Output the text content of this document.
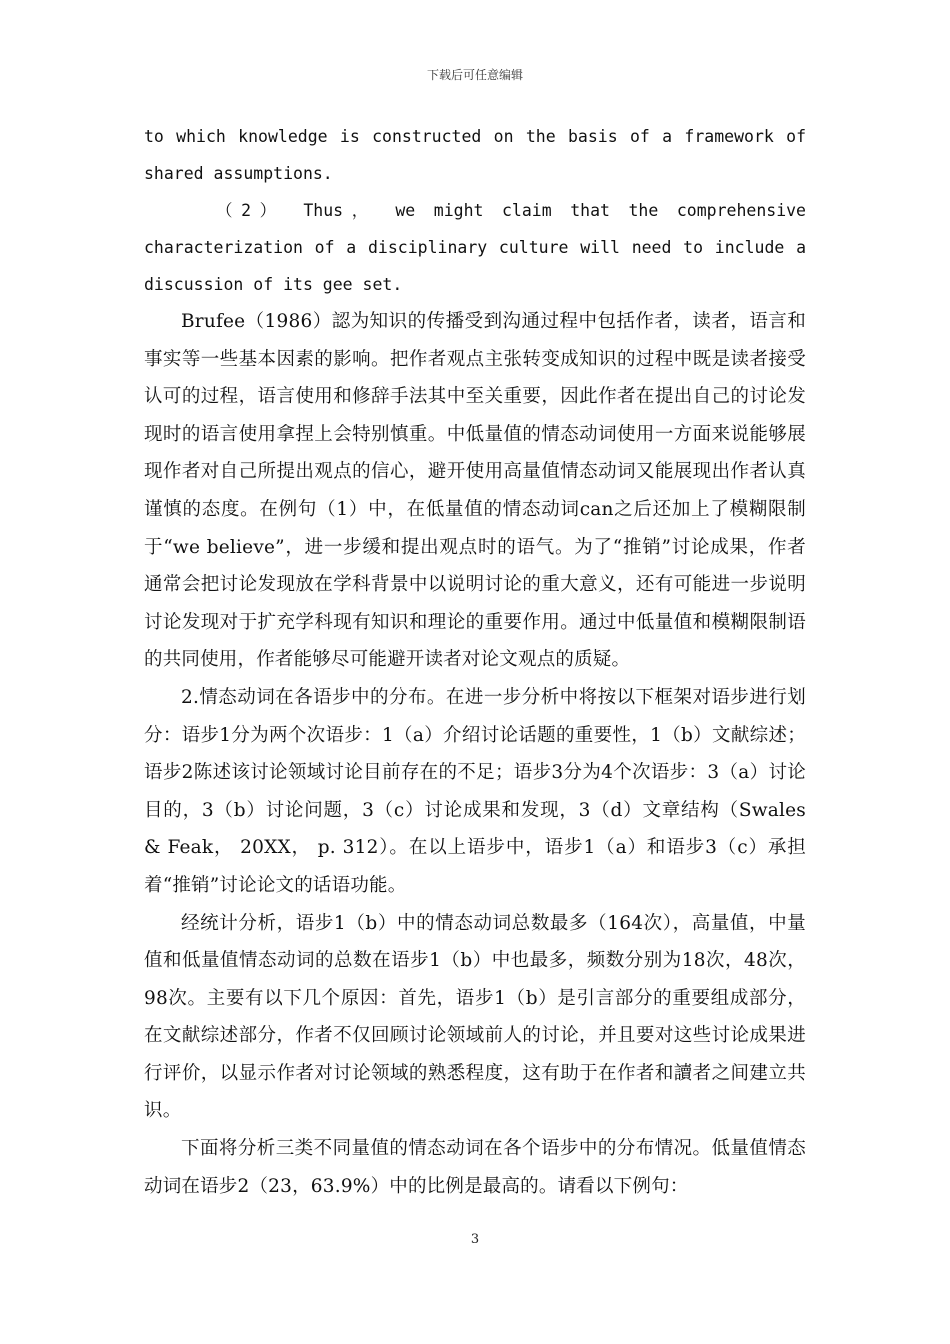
下载后可任意编辑

to which knowledge is constructed on the basis of a framework of shared assumptions.

（2） Thus， we might claim that the comprehensive characterization of a disciplinary culture will need to include a

discussion of its gee set.

Brufee（1986）認为知识的传播受到沟通过程中包括作者，读者，语言和事实等一些基本因素的影响。把作者观点主张转变成知识的过程中既是读者接受认可的过程，语言使用和修辞手法其中至关重要，因此作者在提出自己的讨论发现时的语言使用拿捏上会特别慎重。中低量值的情态动词使用一方面来说能够展现作者对自己所提出观点的信心，避开使用高量值情态动词又能展现出作者认真谨慎的态度。在例句（1）中，在低量值的情态动词can之后还加上了模糊限制于“we believe”，进一步缓和提出观点时的语气。为了“推销”讨论成果，作者通常会把讨论发现放在学科背景中以说明讨论的重大意义，还有可能进一步说明讨论发现对于扩充学科现有知识和理论的重要作用。通过中低量值和模糊限制语的共同使用，作者能够尽可能避开读者对论文观点的质疑。

2.情态动词在各语步中的分布。在进一步分析中将按以下框架对语步进行划分：语步1分为两个次语步：1（a）介绍讨论话题的重要性，1（b）文献综述；语步2陈述该讨论领域讨论目前存在的不足；语步3分为4个次语步：3（a）讨论目的，3（b）讨论问题，3（c）讨论成果和发现，3（d）文章结构（Swales & Feak， 20XX， p. 312）。在以上语步中，语步1（a）和语步3（c）承担着“推销”讨论论文的话语功能。

经统计分析，语步1（b）中的情态动词总数最多（164次），高量值，中量值和低量值情态动词的总数在语步1（b）中也最多，频数分别为18次，48次，98次。主要有以下几个原因：首先，语步1（b）是引言部分的重要组成部分，在文献综述部分，作者不仅回顾讨论领域前人的讨论，并且要对这些讨论成果进行评价，以显示作者对讨论领域的熟悉程度，这有助于在作者和讀者之间建立共识。

下面将分析三类不同量值的情态动词在各个语步中的分布情况。低量值情态动词在语步2（23，63.9%）中的比例是最高的。请看以下例句：

3
